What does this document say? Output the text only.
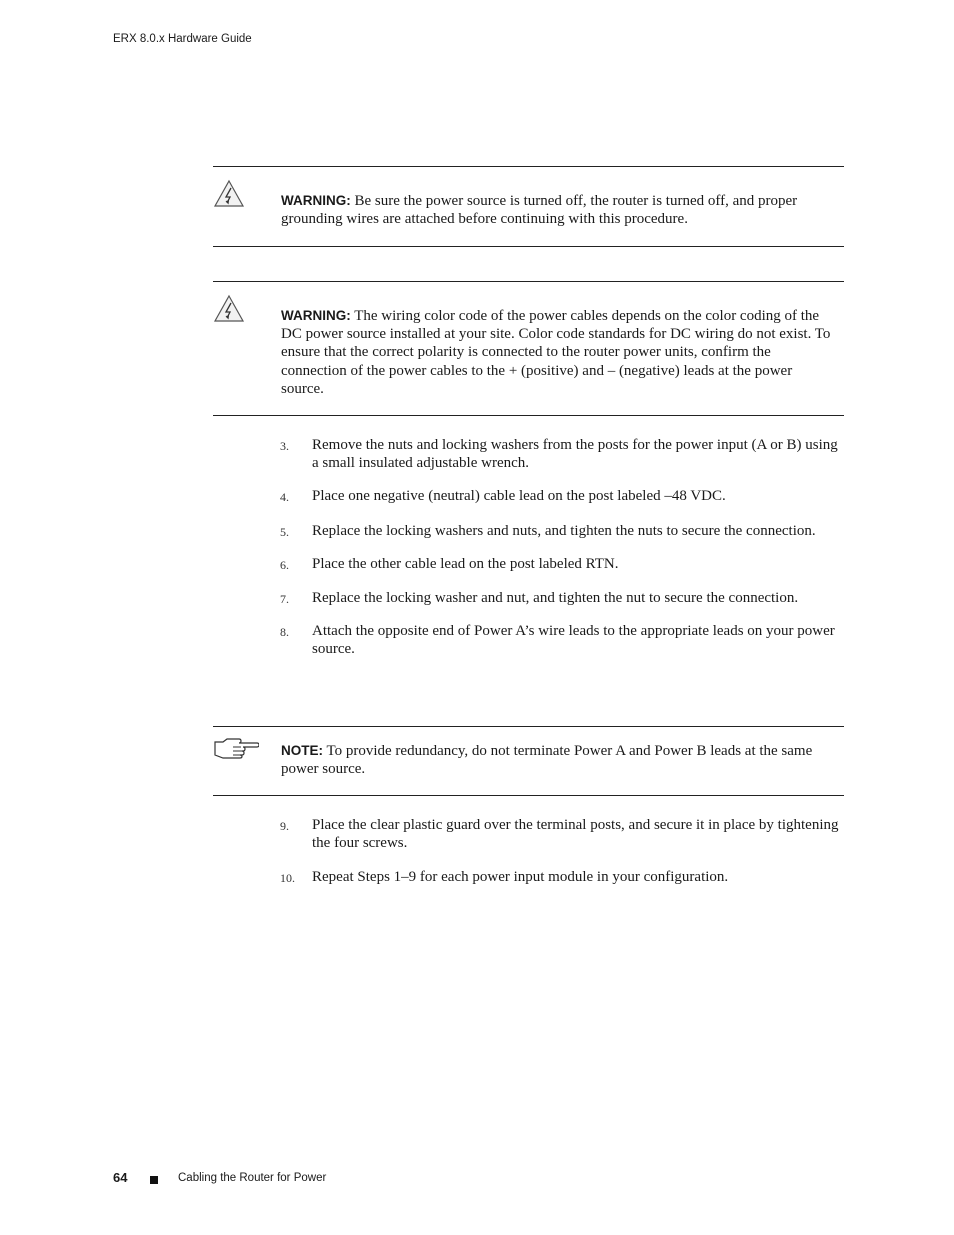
ERX 8.0.x Hardware Guide
WARNING: Be sure the power source is turned off, the router is turned off, and proper grounding wires are attached before continuing with this procedure.
WARNING: The wiring color code of the power cables depends on the color coding of the DC power source installed at your site. Color code standards for DC wiring do not exist. To ensure that the correct polarity is connected to the router power units, confirm the connection of the power cables to the + (positive) and – (negative) leads at the power source.
3. Remove the nuts and locking washers from the posts for the power input (A or B) using a small insulated adjustable wrench.
4. Place one negative (neutral) cable lead on the post labeled –48 VDC.
5. Replace the locking washers and nuts, and tighten the nuts to secure the connection.
6. Place the other cable lead on the post labeled RTN.
7. Replace the locking washer and nut, and tighten the nut to secure the connection.
8. Attach the opposite end of Power A’s wire leads to the appropriate leads on your power source.
NOTE: To provide redundancy, do not terminate Power A and Power B leads at the same power source.
9. Place the clear plastic guard over the terminal posts, and secure it in place by tightening the four screws.
10. Repeat Steps 1–9 for each power input module in your configuration.
64	Cabling the Router for Power
